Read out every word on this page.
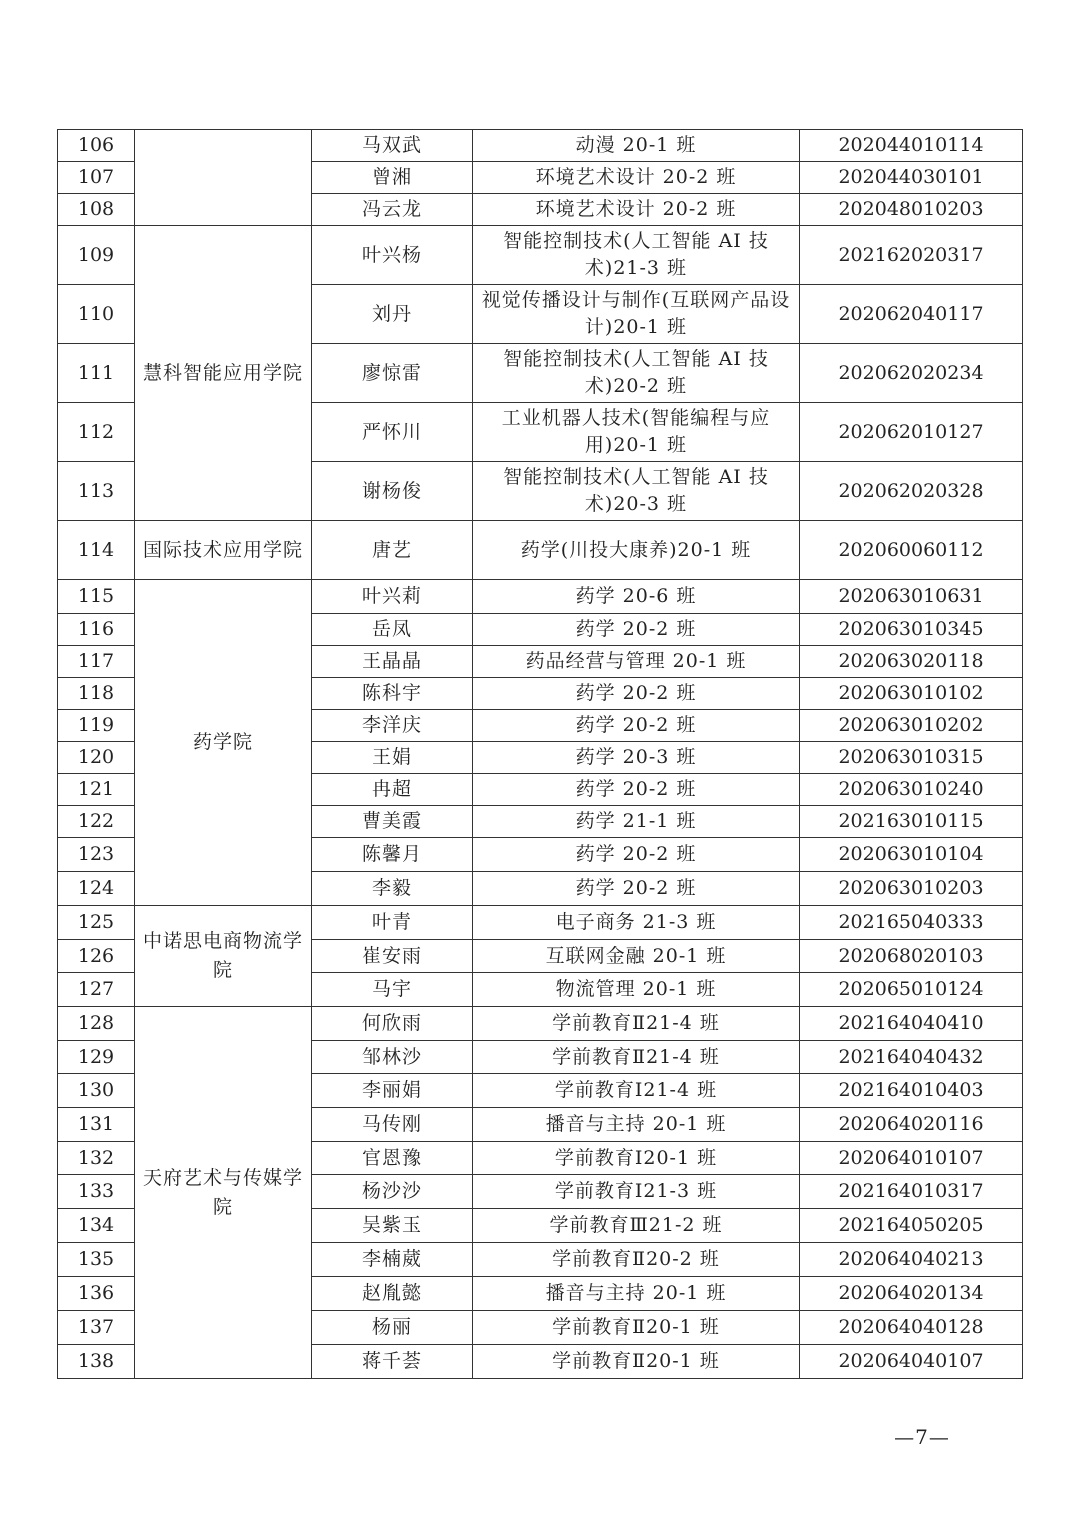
106		马双武	动漫 20-1 班	202044010114
107		曾湘	环境艺术设计 20-2 班	202044030101
108		冯云龙	环境艺术设计 20-2 班	202048010203
109	慧科智能应用学院	叶兴杨	智能控制技术(人工智能 AI 技术)21-3 班	202162020317
110		刘丹	视觉传播设计与制作(互联网产品设计)20-1 班	202062040117
111		廖惊雷	智能控制技术(人工智能 AI 技术)20-2 班	202062020234
112		严怀川	工业机器人技术(智能编程与应用)20-1 班	202062010127
113		谢杨俊	智能控制技术(人工智能 AI 技术)20-3 班	202062020328
114	国际技术应用学院	唐艺	药学(川投大康养)20-1 班	202060060112
115	药学院	叶兴莉	药学 20-6 班	202063010631
116		岳凤	药学 20-2 班	202063010345
117		王晶晶	药品经营与管理 20-1 班	202063020118
118		陈科宇	药学 20-2 班	202063010102
119		李洋庆	药学 20-2 班	202063010202
120		王娟	药学 20-3 班	202063010315
121		冉超	药学 20-2 班	202063010240
122		曹美霞	药学 21-1 班	202163010115
123		陈馨月	药学 20-2 班	202063010104
124		李毅	药学 20-2 班	202063010203
125	中诺思电商物流学院	叶青	电子商务 21-3 班	202165040333
126		崔安雨	互联网金融 20-1 班	202068020103
127		马宇	物流管理 20-1 班	202065010124
128	天府艺术与传媒学院	何欣雨	学前教育Ⅱ21-4 班	202164040410
129		邹林沙	学前教育Ⅱ21-4 班	202164040432
130		李丽娟	学前教育Ⅰ21-4 班	202164010403
131		马传刚	播音与主持 20-1 班	202064020116
132		官恩豫	学前教育Ⅰ20-1 班	202064010107
133		杨沙沙	学前教育Ⅰ21-3 班	202164010317
134		吴紫玉	学前教育Ⅲ21-2 班	202164050205
135		李楠葳	学前教育Ⅱ20-2 班	202064040213
136		赵胤懿	播音与主持 20-1 班	202064020134
137		杨丽	学前教育Ⅱ20-1 班	202064040128
138		蒋千荟	学前教育Ⅱ20-1 班	202064040107
—7—
